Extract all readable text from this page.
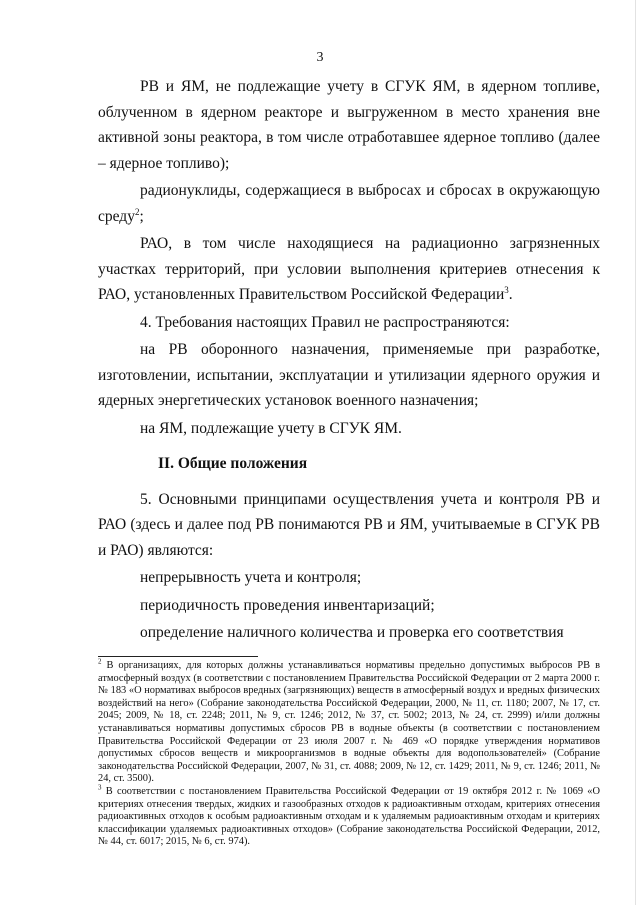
3

РВ и ЯМ, не подлежащие учету в СГУК ЯМ, в ядерном топливе, облученном в ядерном реакторе и выгруженном в место хранения вне активной зоны реактора, в том числе отработавшее ядерное топливо (далее – ядерное топливо);

радионуклиды, содержащиеся в выбросах и сбросах в окружающую среду$^2$;

РАО, в том числе находящиеся на радиационно загрязненных участках территорий, при условии выполнения критериев отнесения к РАО, установленных Правительством Российской Федерации$^3$.

4. Требования настоящих Правил не распространяются:

на РВ оборонного назначения, применяемые при разработке, изготовлении, испытании, эксплуатации и утилизации ядерного оружия и ядерных энергетических установок военного назначения;

на ЯМ, подлежащие учету в СГУК ЯМ.

II. Общие положения

5. Основными принципами осуществления учета и контроля РВ и РАО (здесь и далее под РВ понимаются РВ и ЯМ, учитываемые в СГУК РВ и РАО) являются:

непрерывность учета и контроля;

периодичность проведения инвентаризаций;

определение наличного количества и проверка его соответствия

$^2$ В организациях, для которых должны устанавливаться нормативы предельно допустимых выбросов РВ в атмосферный воздух (в соответствии с постановлением Правительства Российской Федерации от 2 марта 2000 г. № 183 «О нормативах выбросов вредных (загрязняющих) веществ в атмосферный воздух и вредных физических воздействий на него» (Собрание законодательства Российской Федерации, 2000, № 11, ст. 1180; 2007, № 17, ст. 2045; 2009, № 18, ст. 2248; 2011, № 9, ст. 1246; 2012, № 37, ст. 5002; 2013, № 24, ст. 2999) и/или должны устанавливаться нормативы допустимых сбросов РВ в водные объекты (в соответствии с постановлением Правительства Российской Федерации от 23 июля 2007 г. № 469 «О порядке утверждения нормативов допустимых сбросов веществ и микроорганизмов в водные объекты для водопользователей» (Собрание законодательства Российской Федерации, 2007, № 31, ст. 4088; 2009, № 12, ст. 1429; 2011, № 9, ст. 1246; 2011, № 24, ст. 3500).

$^3$ В соответствии с постановлением Правительства Российской Федерации от 19 октября 2012 г. № 1069 «О критериях отнесения твердых, жидких и газообразных отходов к радиоактивным отходам, критериях отнесения радиоактивных отходов к особым радиоактивным отходам и к удаляемым радиоактивным отходам и критериях классификации удаляемых радиоактивных отходов» (Собрание законодательства Российской Федерации, 2012, № 44, ст. 6017; 2015, № 6, ст. 974).
